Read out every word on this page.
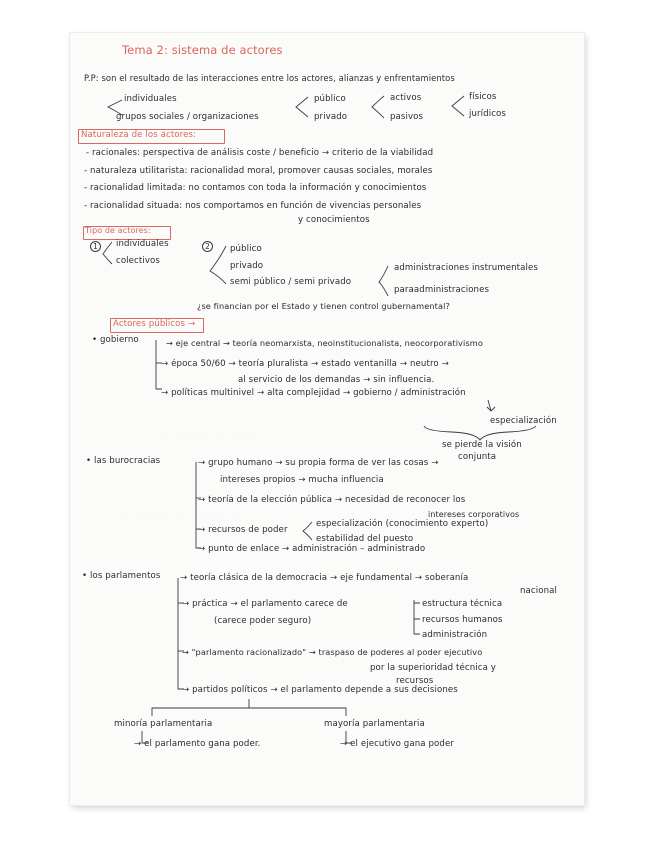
· · · · · · · · · · · · · · · · · · · · ·
· · · · · · · · · · · · · · · · · · · · · · · · · ·
Tema 2: sistema de actores
P.P: son el resultado de las interacciones entre los actores, alianzas y enfrentamientos
individuales
grupos sociales / organizaciones
público
privado
activos
pasivos
físicos
jurídicos
Naturaleza de los actores:
- racionales: perspectiva de análisis coste / beneficio → criterio de la viabilidad
- naturaleza utilitarista: racionalidad moral, promover causas sociales, morales
- racionalidad limitada: no contamos con toda la información y conocimientos
- racionalidad situada: nos comportamos en función de vivencias personales
y conocimientos
Tipo de actores:
1	individuales
colectivos
2	público
privado
semi público / semi privado
administraciones instrumentales
paraadministraciones
¿se financian por el Estado y tienen control gubernamental?
Actores públicos →
• gobierno	→ eje central → teoría neomarxista, neoinstitucionalista, neocorporativismo
→ época 50/60 → teoría pluralista → estado ventanilla → neutro →
al servicio de los demandas → sin influencia.
→ políticas multinivel → alta complejidad → gobierno / administración
especialización
se pierde la visión
conjunta
• las burocracias	→ grupo humano → su propia forma de ver las cosas →
intereses propios → mucha influencia
→ teoría de la elección pública → necesidad de reconocer los
intereses corporativos
→ recursos de poder
especialización (conocimiento experto)
estabilidad del puesto
→ punto de enlace → administración – administrado
• los parlamentos → teoría clásica de la democracia → eje fundamental → soberanía
nacional
→ práctica → el parlamento carece de
(carece poder seguro)
estructura técnica
recursos humanos
administración
→ "parlamento racionalizado" → traspaso de poderes al poder ejecutivo
por la superioridad técnica y
recursos
→ partidos políticos → el parlamento depende a sus decisiones
minoría parlamentaria
→ el parlamento gana poder.
mayoría parlamentaria
→ el ejecutivo gana poder
